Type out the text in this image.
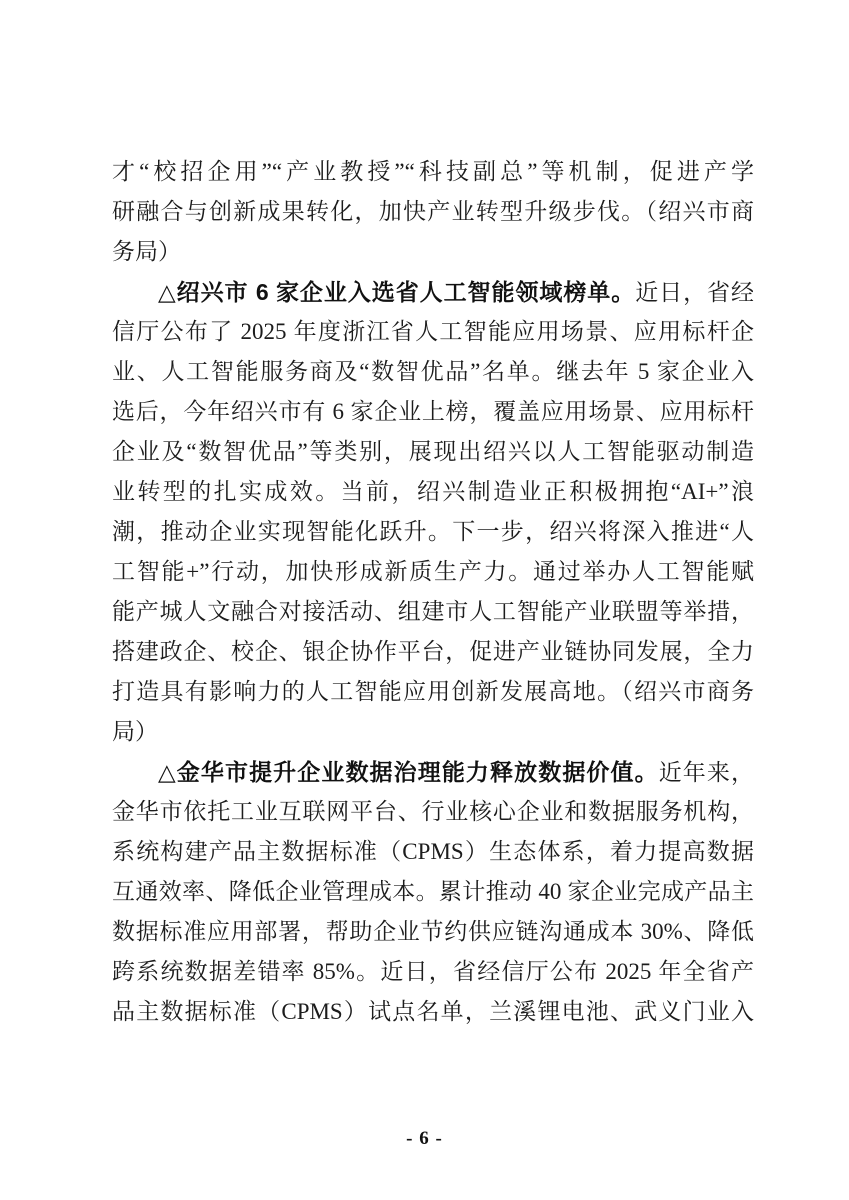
才“校招企用”“产业教授”“科技副总”等机制，促进产学
研融合与创新成果转化，加快产业转型升级步伐。（绍兴市商
务局）
△绍兴市 6 家企业入选省人工智能领域榜单。近日，省经
信厅公布了 2025 年度浙江省人工智能应用场景、应用标杆企
业、人工智能服务商及“数智优品”名单。继去年 5 家企业入
选后，今年绍兴市有 6 家企业上榜，覆盖应用场景、应用标杆
企业及“数智优品”等类别，展现出绍兴以人工智能驱动制造
业转型的扎实成效。当前，绍兴制造业正积极拥抱“AI+”浪
潮，推动企业实现智能化跃升。下一步，绍兴将深入推进“人
工智能+”行动，加快形成新质生产力。通过举办人工智能赋
能产城人文融合对接活动、组建市人工智能产业联盟等举措，
搭建政企、校企、银企协作平台，促进产业链协同发展，全力
打造具有影响力的人工智能应用创新发展高地。（绍兴市商务
局）
△金华市提升企业数据治理能力释放数据价值。近年来，
金华市依托工业互联网平台、行业核心企业和数据服务机构，
系统构建产品主数据标准（CPMS）生态体系，着力提高数据
互通效率、降低企业管理成本。累计推动 40 家企业完成产品主
数据标准应用部署，帮助企业节约供应链沟通成本 30%、降低
跨系统数据差错率 85%。近日，省经信厅公布 2025 年全省产
品主数据标准（CPMS）试点名单，兰溪锂电池、武义门业入
- 6 -
